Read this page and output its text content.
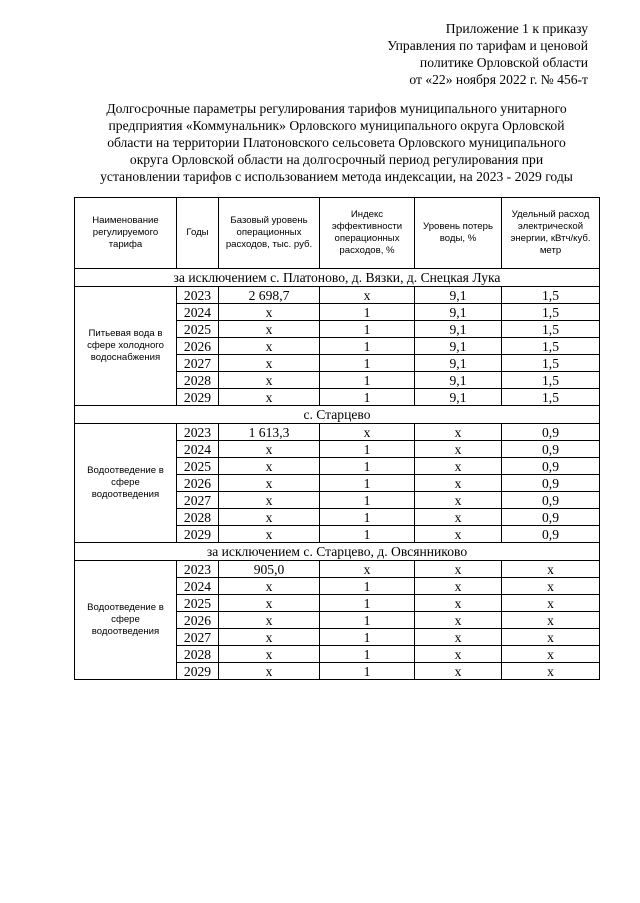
Приложение 1 к приказу
Управления по тарифам и ценовой
политике Орловской области
от «22» ноября 2022 г. № 456-т
Долгосрочные параметры регулирования тарифов муниципального унитарного
предприятия «Коммунальник» Орловского муниципального округа Орловской
области на территории Платоновского сельсовета Орловского муниципального
округа Орловской области на долгосрочный период регулирования при
установлении тарифов с использованием метода индексации, на 2023 - 2029 годы
Наименование регулируемого тарифа	Годы	Базовый уровень операционных расходов, тыс. руб.	Индекс эффективности операционных расходов, %	Уровень потерь воды, %	Удельный расход электрической энергии, кВтч/куб. метр
за исключением с. Платоново, д. Вязки, д. Снецкая Лука					
Питьевая вода в сфере холодного водоснабжения	2023	2 698,7	х	9,1	1,5
	2024	х	1	9,1	1,5
	2025	х	1	9,1	1,5
	2026	х	1	9,1	1,5
	2027	х	1	9,1	1,5
	2028	х	1	9,1	1,5
	2029	х	1	9,1	1,5
с. Старцево					
Водоотведение в сфере водоотведения	2023	1 613,3	х	х	0,9
	2024	х	1	х	0,9
	2025	х	1	х	0,9
	2026	х	1	х	0,9
	2027	х	1	х	0,9
	2028	х	1	х	0,9
	2029	х	1	х	0,9
за исключением с. Старцево, д. Овсянниково					
Водоотведение в сфере водоотведения	2023	905,0	х	х	х
	2024	х	1	х	х
	2025	х	1	х	х
	2026	х	1	х	х
	2027	х	1	х	х
	2028	х	1	х	х
	2029	х	1	х	х
